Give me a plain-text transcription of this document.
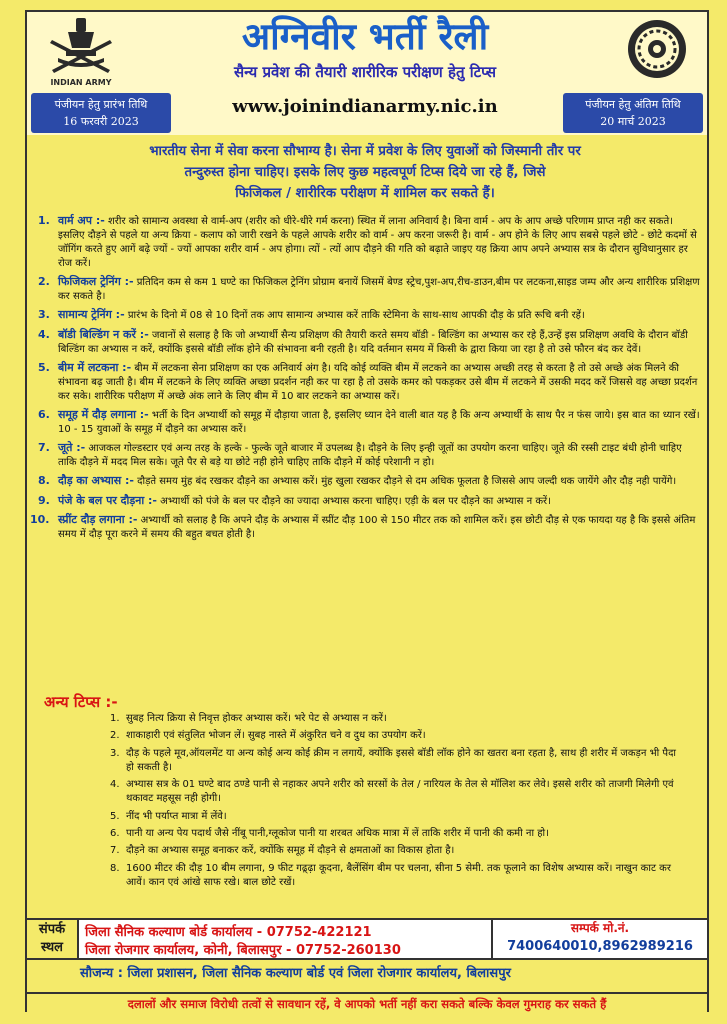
INDIAN ARMY
अग्निवीर भर्ती रैली
सैन्य प्रवेश की तैयारी शारीरिक परीक्षण हेतु टिप्स
पंजीयन हेतु प्रारंभ तिथि
16 फरवरी 2023
www.joinindianarmy.nic.in	पंजीयन हेतु अंतिम तिथि
20 मार्च 2023
भारतीय सेना में सेवा करना सौभाग्य है। सेना में प्रवेश के लिए युवाओं को जिस्मानी तौर पर
तन्दुरुस्त होना चाहिए। इसके लिए कुछ महत्वपूर्ण टिप्स दिये जा रहे हैं, जिसे
फिजिकल / शारीरिक परीक्षण में शामिल कर सकते हैं।
1. वार्म अप :- शरीर को सामान्य अवस्था से वार्म-अप (शरीर को धीरे-धीरे गर्म करना) स्थित में लाना अनिवार्य है। बिना वार्म - अप के आप अच्छे परिणाम प्राप्त नही कर सकते। इसलिए दौड़ने से पहले या अन्य क्रिया - कलाप को जारी रखने के पहले आपके शरीर को वार्म - अप करना जरूरी है। वार्म - अप होने के लिए आप सबसे पहले छोटे - छोटे कदमों से जॉगिंग करते हुए आगें बढ़े ज्यों - ज्यों आपका शरीर वार्म - अप होगा। त्यों - त्यों आप दौड़ने की गति को बढ़ाते जाइए यह क्रिया आप अपने अभ्यास सत्र के दौरान सुविधानुसार हर रोज करें।
2. फिजिकल ट्रेनिंग :- प्रतिदिन कम से कम 1 घण्टे का फिजिकल ट्रेनिंग प्रोग्राम बनायें जिसमें बेण्ड स्ट्रेच,पुश-अप,रीच-डाउन,बीम पर लटकना,साइड जम्प और अन्य शारीरिक प्रशिक्षण कर सकते है।
3. सामान्य ट्रेनिंग :- प्रारंभ के दिनो में 08 से 10 दिनों तक आप सामान्य अभ्यास करें ताकि स्टेमिना के साथ-साथ आपकी दौड़ के प्रति रूचि बनी रहें।
4. बॉडी बिल्डिंग न करें :- जवानों से सलाह है कि जो अभ्यार्थी सैन्य प्रशिक्षण की तैयारी करते समय बॉडी - बिल्डिंग का अभ्यास कर रहे हैं,उन्हें इस प्रशिक्षण अवधि के दौरान बॉडी बिल्डिंग का अभ्यास न करें, क्योंकि इससे बॉडी लॉक होने की संभावना बनी रहती है। यदि वर्तमान समय में किसी के द्वारा किया जा रहा है तो उसे फौरन बंद कर देवें।
5. बीम में लटकना :- बीम में लटकना सेना प्रशिक्षण का एक अनिवार्य अंग है। यदि कोई व्यक्ति बीम में लटकने का अभ्यास अच्छी तरह से करता है तो उसे अच्छे अंक मिलने की संभावना बढ़ जाती है। बीम में लटकने के लिए व्यक्ति अच्छा प्रदर्शन नही कर पा रहा है तो उसके कमर को पकड़कर उसे बीम में लटकने में उसकी मदद करें जिससे वह अच्छा प्रदर्शन कर सके। शारीरिक परीक्षण में अच्छे अंक लाने के लिए बीम में 10 बार लटकने का अभ्यास करें।
6. समूह में दौड़ लगाना :- भर्ती के दिन अभ्यार्थी को समूह में दौड़ाया जाता है, इसलिए ध्यान देने वाली बात यह है कि अन्य अभ्यार्थी के साथ पैर न फंस जाये। इस बात का ध्यान रखें। 10 - 15 युवाओं के समूह में दौड़ने का अभ्यास करें।
7. जूते :- आजकल गोल्डस्टार एवं अन्य तरह के हल्के - फुल्के जूते बाजार में उपलब्ध है। दौड़ने के लिए इन्ही जूतों का उपयोग करना चाहिए। जूते की रस्सी टाइट बंधी होनी चाहिए ताकि दौड़ने में मदद मिल सके। जूते पैर से बड़े या छोटे नही होने चाहिए ताकि दौड़ने में कोई परेशानी न हो।
8. दौड़ का अभ्यास :- दौड़ते समय मुंह बंद रखकर दौड़ने का अभ्यास करें। मुंह खुला रखकर दौड़ने से दम अधिक फूलता है जिससे आप जल्दी थक जायेंगे और दौड़ नही पायेंगे।
9. पंजे के बल पर दौड़ना :- अभ्यार्थी को पंजे के बल पर दौड़ने का ज्यादा अभ्यास करना चाहिए। एड़ी के बल पर दौड़ने का अभ्यास न करें।
10. स्प्रींट दौड़ लगाना :- अभ्यार्थी को सलाह है कि अपने दौड़ के अभ्यास में स्प्रींट दौड़ 100 से 150 मीटर तक को शामिल करें। इस छोटी दौड़ से एक फायदा यह है कि इससे अंतिम समय में दौड़ पूरा करने में समय की बहुत बचत होती है।
अन्य टिप्स :-
1. सुबह नित्य क्रिया से निवृत्त होकर अभ्यास करें। भरे पेट से अभ्यास न करें।
2. शाकाहारी एवं संतुलित भोजन लें। सुबह नास्ते में अंकुरित चने व दुध का उपयोग करें।
3. दौड़ के पहले मूव,ऑयलमेंट या अन्य कोई अन्य कोई क्रीम न लगायें, क्योंकि इससे बॉडी लॉक होने का खतरा बना रहता है, साथ ही शरीर में जकड़न भी पैदा हो सकती है।
4. अभ्यास सत्र के 01 घण्टे बाद ठण्डे पानी से नहाकर अपने शरीर को सरसों के तेल / नारियल के तेल से मॉलिश कर लेवे। इससे शरीर को ताजगी मिलेगी एवं थकावट महसूस नही होगी।
5. नींद भी पर्याप्त मात्रा में लेंवे।
6. पानी या अन्य पेय पदार्थ जैसे नींबू पानी,ग्लूकोज पानी या शरबत अधिक मात्रा में लें ताकि शरीर में पानी की कमी ना हो।
7. दौड़ने का अभ्यास समूह बनाकर करें, क्योंकि समूह में दौड़ने से क्षमताओं का विकास होता है।
8. 1600 मीटर की दौड़ 10 बीम लगाना, 9 फीट गढ़्ढ़ा कूदना, बैलेंसिंग बीम पर चलना, सीना 5 सेमी. तक फूलाने का विशेष अभ्यास करें। नाखुन काट कर आवें। कान एवं आंखे साफ रखे। बाल छोटे रखें।
संपर्क
स्थल
जिला सैनिक कल्याण बोर्ड कार्यालय - 07752-422121
जिला रोजगार कार्यालय, कोनी, बिलासपुर - 07752-260130
सम्पर्क मो.नं.
7400640010,8962989216
सौजन्य : जिला प्रशासन, जिला सैनिक कल्याण बोर्ड एवं जिला रोजगार कार्यालय, बिलासपुर
दलालों और समाज विरोधी तत्वों से सावधान रहें, वे आपको भर्ती नहीं करा सकते बल्कि केवल गुमराह कर सकते हैं
